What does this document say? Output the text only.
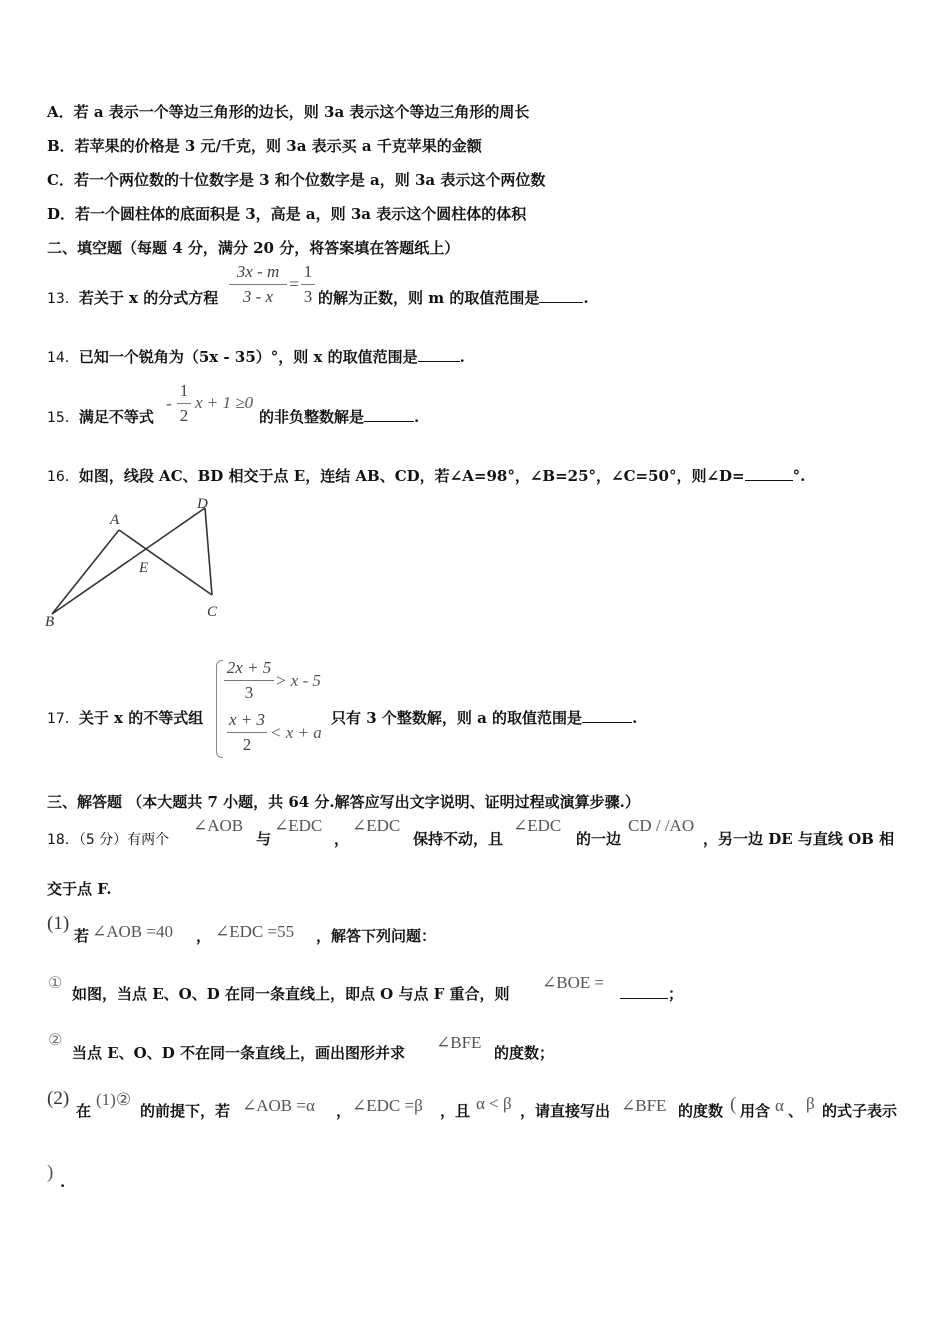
A．若 a 表示一个等边三角形的边长，则 3a 表示这个等边三角形的周长
B．若苹果的价格是 3 元/千克，则 3a 表示买 a 千克苹果的金额
C．若一个两位数的十位数字是 3 和个位数字是 a，则 3a 表示这个两位数
D．若一个圆柱体的底面积是 3，高是 a，则 3a 表示这个圆柱体的体积
二、填空题（每题 4 分，满分 20 分，将答案填在答题纸上）
13．若关于 x 的分式方程
3x - m
3 - x
=
1
3 的解为正数，则 m 的取值范围是	.
14．已知一个锐角为（5x - 35）°，则 x 的取值范围是	.
15．满足不等式
-
1
2
x + 1 ≥0
的非负整数解是	.
16．如图，线段 AC、BD 相交于点 E，连结 AB、CD，若∠A=98°，∠B=25°，∠C=50°，则∠D=	°.
A
B
C
D
E
17．关于 x 的不等式组
2x + 5
3
> x - 5
x + 3
2
< x + a
只有 3 个整数解，则 a 的取值范围是	.
三、解答题 （本大题共 7 小题，共 64 分.解答应写出文字说明、证明过程或演算步骤.）
18．（5 分）有两个
∠AOB
与
∠EDC
，
∠EDC
保持不动，且
∠EDC
的一边
CD / /AO
，另一边 DE 与直线 OB 相
交于点 F.
(1)
若 ∠AOB =40 ， ∠EDC =55 ，解答下列问题：
①
如图，当点 E、O、D 在同一条直线上，即点 O 与点 F 重合，则
∠BOE =
；
②
当点 E、O、D 不在同一条直线上，画出图形并求
∠BFE
的度数；
(2)
在
(1)②
的前提下，若 ∠AOB =α ， ∠EDC =β ，且 α < β ，请直接写出 ∠BFE 的度数 ( 用含 α 、 β 的式子表示
) .
